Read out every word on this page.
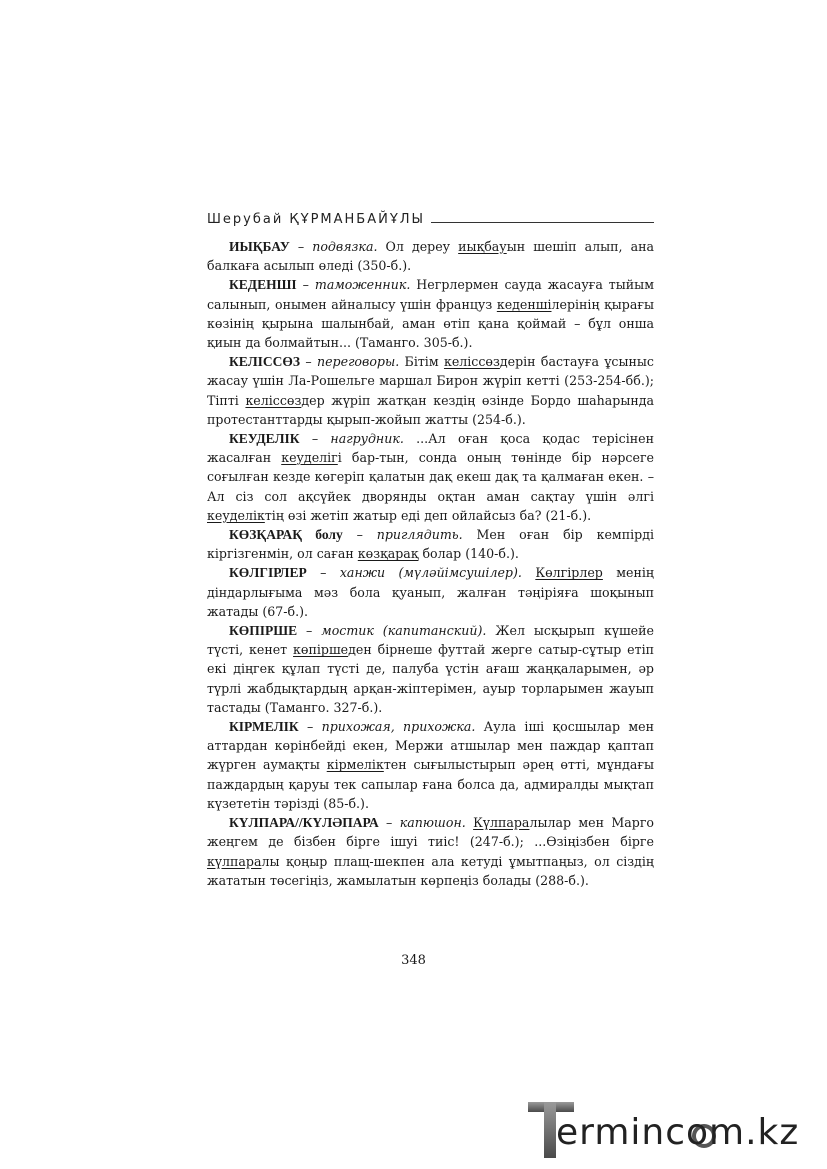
Шерубай ҚҰРМАНБАЙҰЛЫ

ИЫҚБАУ – подвязка. Ол дереу иықбауын шешіп алып, ана балкаға асылып өледі (350-б.).

КЕДЕНШІ – таможенник. Негрлермен сауда жасауға тыйым салынып, онымен айналысу үшін француз кеденшілерінің қырағы көзінің қырына шалынбай, аман өтіп қана қоймай – бұл онша қиын да болмайтын... (Таманго. 305-б.).

КЕЛІССӨЗ – переговоры. Бітім келіссөздерін бастауға ұсыныс жасау үшін Ла-Рошельге маршал Бирон жүріп кетті (253-254-бб.); Тіпті келіссөздер жүріп жатқан кездің өзінде Бордо шаһарында протестанттарды қырып-жойып жатты (254-б.).

КЕУДЕЛІК – нагрудник. ...Ал оған қоса қодас терісінен жасалған кеуделігі бар-тын, сонда оның төнінде бір нәрсеге соғылған кезде көгеріп қалатын дақ екеш дақ та қалмаған екен. – Ал сіз сол ақсүйек дворянды оқтан аман сақтау үшін әлгі кеуделіктің өзі жетіп жатыр еді деп ойлайсыз ба? (21-б.).

КӨЗҚАРАҚ болу – приглядить. Мен оған бір кемпірді кіргізгенмін, ол саған көзқарақ болар (140-б.).

КӨЛГІРЛЕР – ханжи (мүләйімсушілер). Көлгірлер менің діндарлығыма мәз бола қуанып, жалған тәңіріяға шоқынып жатады (67-б.).

КӨПІРШЕ – мостик (капитанский). Жел ысқырып күшейе түсті, кенет көпіршеден бірнеше футтай жерге сатыр-сұтыр етіп екі діңгек құлап түсті де, палуба үстін ағаш жаңқаларымен, әр түрлі жабдықтардың арқан-жіптерімен, ауыр торларымен жауып тастады (Таманго. 327-б.).

КІРМЕЛІК – прихожая, прихожка. Аула іші қосшылар мен аттардан көрінбейді екен, Мержи атшылар мен паждар қаптап жүрген аумақты кірмеліктен сығылыстырып әрең өтті, мұндағы паждардың қаруы тек сапылар ғана болса да, адмиралды мықтап күзететін тәрізді (85-б.).

КҮЛПАРА//КҮЛӘПАРА – капюшон. Күлпаралылар мен Марго жеңгем де бізбен бірге ішуі тиіс! (247-б.); ...Өзіңізбен бірге күлпаралы қоңыр плащ-шекпен ала кетуді ұмытпаңыз, ол сіздің жататын төсегіңіз, жамылатын көрпеңіз болады (288-б.).

348
ermincom.kz
